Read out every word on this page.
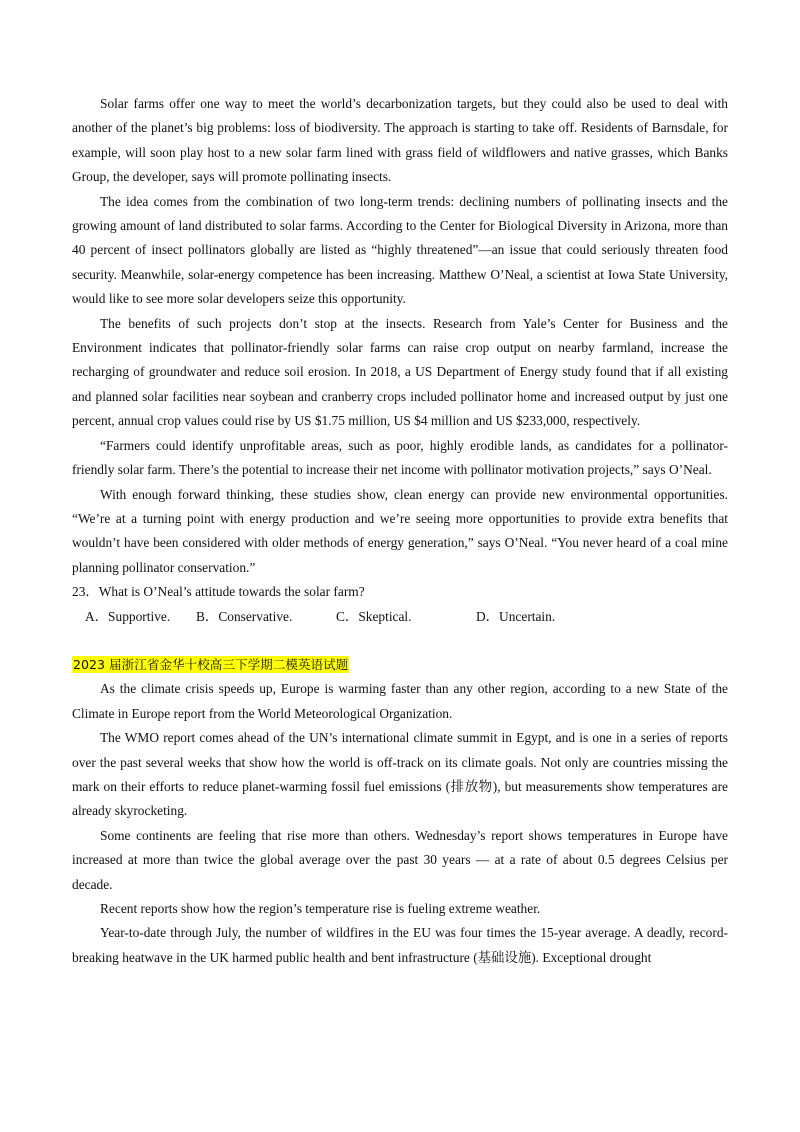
Solar farms offer one way to meet the world’s decarbonization targets, but they could also be used to deal with another of the planet’s big problems: loss of biodiversity. The approach is starting to take off. Residents of Barnsdale, for example, will soon play host to a new solar farm lined with grass field of wildflowers and native grasses, which Banks Group, the developer, says will promote pollinating insects.

The idea comes from the combination of two long-term trends: declining numbers of pollinating insects and the growing amount of land distributed to solar farms. According to the Center for Biological Diversity in Arizona, more than 40 percent of insect pollinators globally are listed as “highly threatened”—an issue that could seriously threaten food security. Meanwhile, solar-energy competence has been increasing. Matthew O’Neal, a scientist at Iowa State University, would like to see more solar developers seize this opportunity.

The benefits of such projects don’t stop at the insects. Research from Yale’s Center for Business and the Environment indicates that pollinator-friendly solar farms can raise crop output on nearby farmland, increase the recharging of groundwater and reduce soil erosion. In 2018, a US Department of Energy study found that if all existing and planned solar facilities near soybean and cranberry crops included pollinator home and increased output by just one percent, annual crop values could rise by US $1.75 million, US $4 million and US $233,000, respectively.

“Farmers could identify unprofitable areas, such as poor, highly erodible lands, as candidates for a pollinator-friendly solar farm. There’s the potential to increase their net income with pollinator motivation projects,” says O’Neal.

With enough forward thinking, these studies show, clean energy can provide new environmental opportunities. “We’re at a turning point with energy production and we’re seeing more opportunities to provide extra benefits that wouldn’t have been considered with older methods of energy generation,” says O’Neal. “You never heard of a coal mine planning pollinator conservation.”

23．What is O’Neal’s attitude towards the solar farm?
A．Supportive.	B．Conservative.	C．Skeptical.	D．Uncertain.
2023 届浙江省金华十校高三下学期二模英语试题

As the climate crisis speeds up, Europe is warming faster than any other region, according to a new State of the Climate in Europe report from the World Meteorological Organization.

The WMO report comes ahead of the UN’s international climate summit in Egypt, and is one in a series of reports over the past several weeks that show how the world is off-track on its climate goals. Not only are countries missing the mark on their efforts to reduce planet-warming fossil fuel emissions (排放物), but measurements show temperatures are already skyrocketing.

Some continents are feeling that rise more than others. Wednesday’s report shows temperatures in Europe have increased at more than twice the global average over the past 30 years — at a rate of about 0.5 degrees Celsius per decade.

Recent reports show how the region’s temperature rise is fueling extreme weather.

Year-to-date through July, the number of wildfires in the EU was four times the 15-year average. A deadly, record-breaking heatwave in the UK harmed public health and bent infrastructure (基础设施). Exceptional drought
